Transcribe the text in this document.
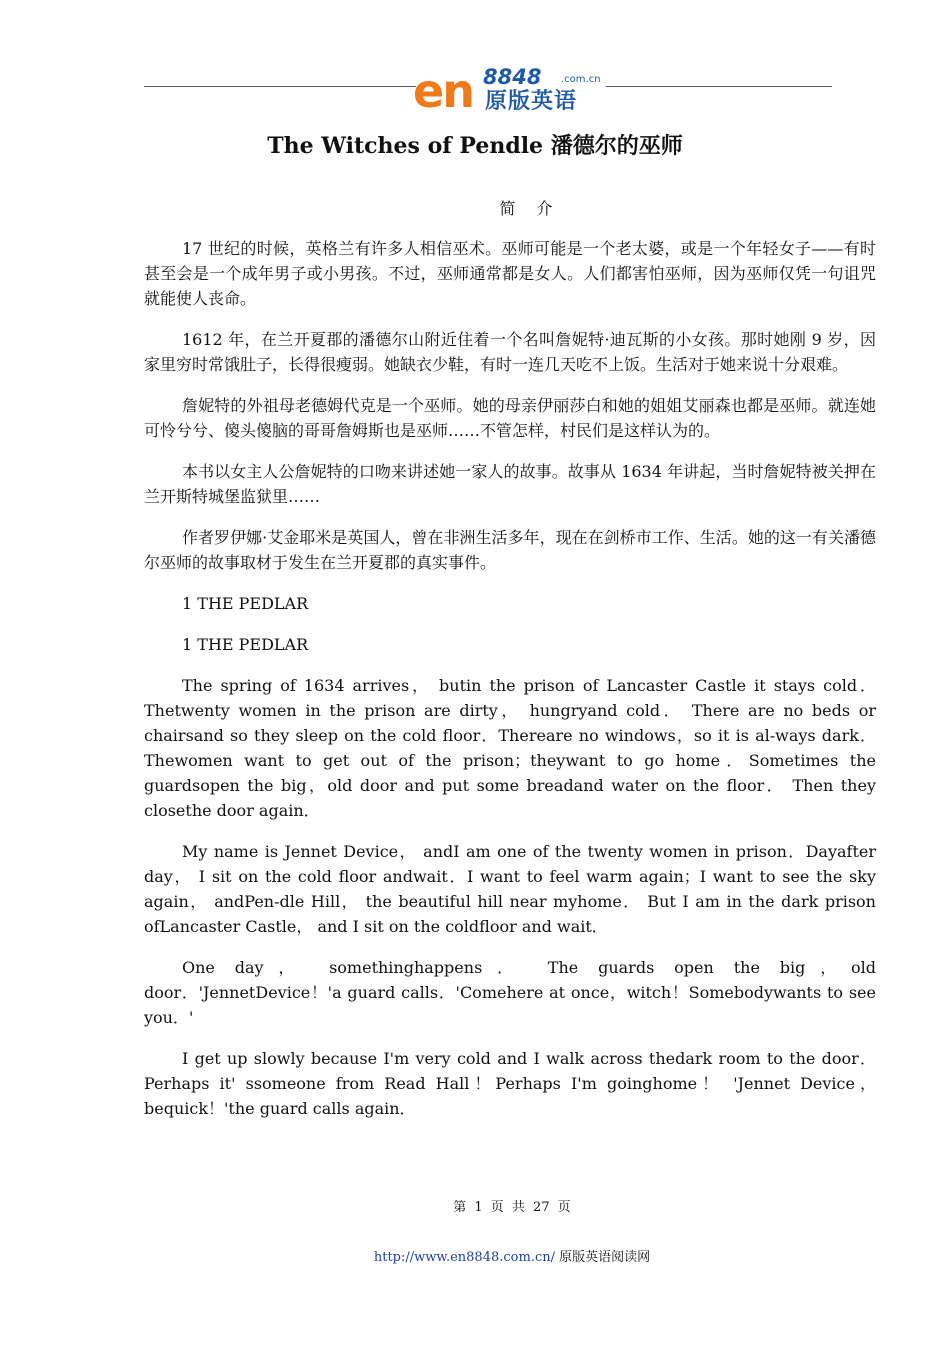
en 8848 .com.cn
原版英语
The Witches of Pendle 潘德尔的巫师
简 介

17 世纪的时候，英格兰有许多人相信巫术。巫师可能是一个老太婆，或是一个年轻女子——有时甚至会是一个成年男子或小男孩。不过，巫师通常都是女人。人们都害怕巫师，因为巫师仅凭一句诅咒就能使人丧命。

1612 年，在兰开夏郡的潘德尔山附近住着一个名叫詹妮特·迪瓦斯的小女孩。那时她刚 9 岁，因家里穷时常饿肚子，长得很瘦弱。她缺衣少鞋，有时一连几天吃不上饭。生活对于她来说十分艰难。

詹妮特的外祖母老德姆代克是一个巫师。她的母亲伊丽莎白和她的姐姐艾丽森也都是巫师。就连她可怜兮兮、傻头傻脑的哥哥詹姆斯也是巫师……不管怎样，村民们是这样认为的。

本书以女主人公詹妮特的口吻来讲述她一家人的故事。故事从 1634 年讲起，当时詹妮特被关押在兰开斯特城堡监狱里……

作者罗伊娜·艾金耶米是英国人，曾在非洲生活多年，现在在剑桥市工作、生活。她的这一有关潘德尔巫师的故事取材于发生在兰开夏郡的真实事件。

1 THE PEDLAR

1 THE PEDLAR

The spring of 1634 arrives， butin the prison of Lancaster Castle it stays cold．Thetwenty women in the prison are dirty， hungryand cold． There are no beds or chairsand so they sleep on the cold floor．Thereare no windows，so it is al-ways dark．Thewomen want to get out of the prison；theywant to go home．Sometimes the guardsopen the big，old door and put some breadand water on the floor． Then they closethe door again．

My name is Jennet Device， andI am one of the twenty women in prison．Dayafter day， I sit on the cold floor andwait．I want to feel warm again；I want to see the sky again， andPen-dle Hill， the beautiful hill near myhome． But I am in the dark prison ofLancaster Castle， and I sit on the coldfloor and wait．

One day， somethinghappens． The guards open the big，old door．'JennetDevice！'a guard calls．'Comehere at once，witch！Somebodywants to see you．'

I get up slowly because I'm very cold and I walk across thedark room to the door．Perhaps it' ssomeone from Read Hall！Perhaps I'm goinghome！ 'Jennet Device，bequick！'the guard calls again．

第 1 页 共 27 页
http://www.en8848.com.cn/ 原版英语阅读网
